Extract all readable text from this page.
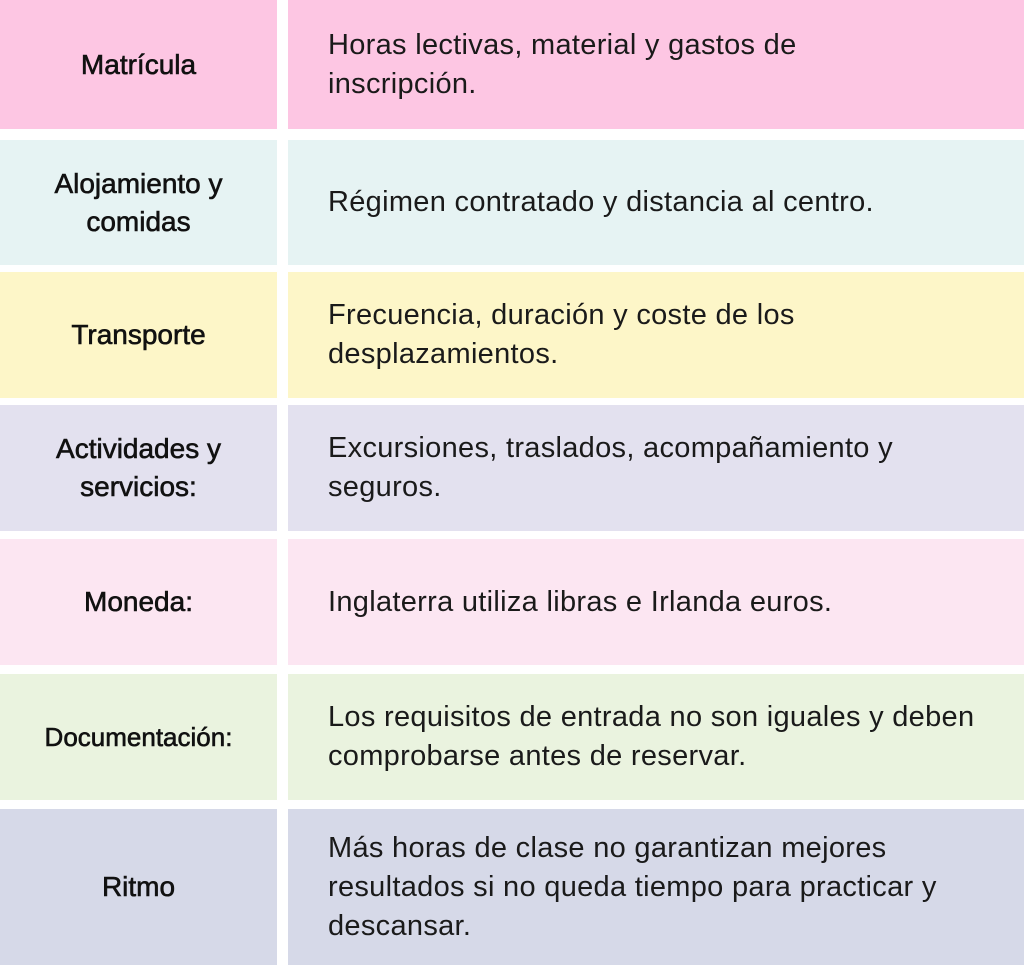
Matrícula
Horas lectivas, material y gastos de inscripción.
Alojamiento y comidas
Régimen contratado y distancia al centro.
Transporte
Frecuencia, duración y coste de los desplazamientos.
Actividades y servicios:
Excursiones, traslados, acompañamiento y seguros.
Moneda:	Inglaterra utiliza libras e Irlanda euros.
Documentación:
Los requisitos de entrada no son iguales y deben comprobarse antes de reservar.
Ritmo
Más horas de clase no garantizan mejores resultados si no queda tiempo para practicar y descansar.
